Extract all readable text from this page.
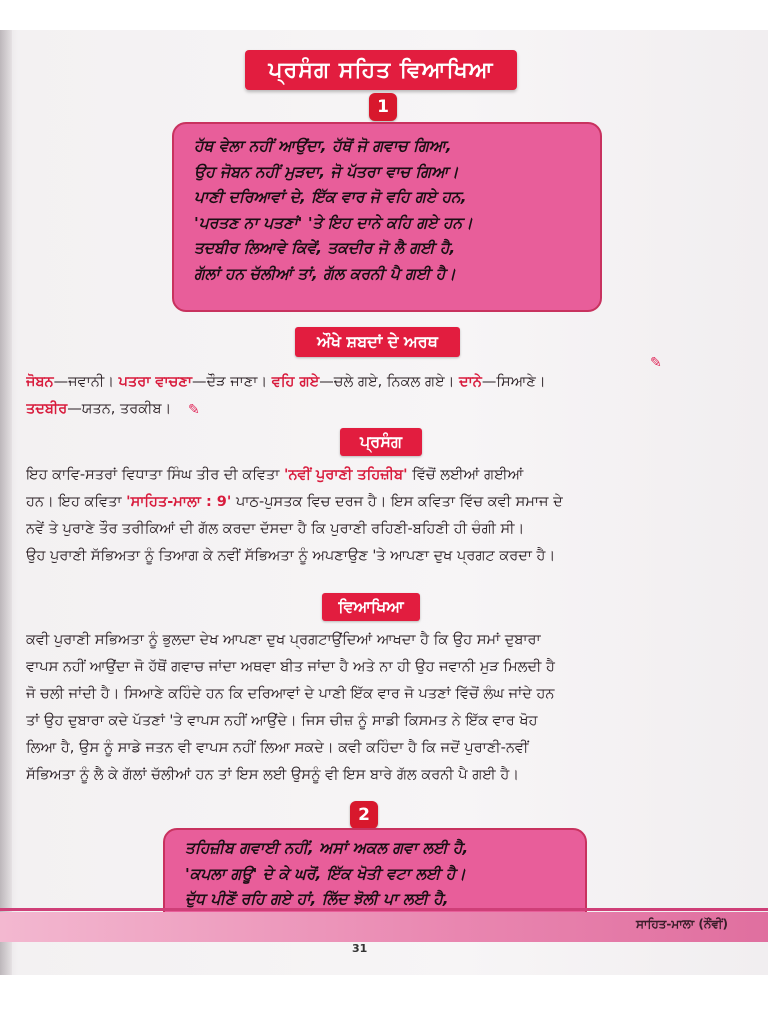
ਪ੍ਰਸੰਗ ਸਹਿਤ ਵਿਆਖਿਆ
1
ਹੱਥ ਵੇਲਾ ਨਹੀਂ ਆਉਂਦਾ, ਹੱਥੋਂ ਜੋ ਗਵਾਚ ਗਿਆ,
ਉਹ ਜੋਬਨ ਨਹੀਂ ਮੁੜਦਾ, ਜੋ ਪੱਤਰਾ ਵਾਚ ਗਿਆ।
ਪਾਣੀ ਦਰਿਆਵਾਂ ਦੇ, ਇੱਕ ਵਾਰ ਜੋ ਵਹਿ ਗਏ ਹਨ,
'ਪਰਤਣ ਨਾ ਪਤਣਾਂ' 'ਤੇ ਇਹ ਦਾਨੇ ਕਹਿ ਗਏ ਹਨ।
ਤਦਬੀਰ ਲਿਆਵੇ ਕਿਵੇਂ, ਤਕਦੀਰ ਜੋ ਲੈ ਗਈ ਹੈ,
ਗੱਲਾਂ ਹਨ ਚੱਲੀਆਂ ਤਾਂ, ਗੱਲ ਕਰਨੀ ਪੈ ਗਈ ਹੈ।
ਔਖੇ ਸ਼ਬਦਾਂ ਦੇ ਅਰਥ
ਜੋਬਨ—ਜਵਾਨੀ। ਪਤਰਾ ਵਾਚਣਾ—ਦੌੜ ਜਾਣਾ। ਵਹਿ ਗਏ—ਚਲੇ ਗਏ, ਨਿਕਲ ਗਏ। ਦਾਨੇ—ਸਿਆਣੇ।
ਤਦਬੀਰ—ਯਤਨ, ਤਰਕੀਬ।
✎
✎
ਪ੍ਰਸੰਗ
ਇਹ ਕਾਵਿ-ਸਤਰਾਂ ਵਿਧਾਤਾ ਸਿੰਘ ਤੀਰ ਦੀ ਕਵਿਤਾ 'ਨਵੀਂ ਪੁਰਾਣੀ ਤਹਿਜ਼ੀਬ' ਵਿੱਚੋਂ ਲਈਆਂ ਗਈਆਂ
ਹਨ। ਇਹ ਕਵਿਤਾ 'ਸਾਹਿਤ-ਮਾਲਾ : 9' ਪਾਠ-ਪੁਸਤਕ ਵਿਚ ਦਰਜ ਹੈ। ਇਸ ਕਵਿਤਾ ਵਿੱਚ ਕਵੀ ਸਮਾਜ ਦੇ
ਨਵੇਂ ਤੇ ਪੁਰਾਣੇ ਤੌਰ ਤਰੀਕਿਆਂ ਦੀ ਗੱਲ ਕਰਦਾ ਦੱਸਦਾ ਹੈ ਕਿ ਪੁਰਾਣੀ ਰਹਿਣੀ-ਬਹਿਣੀ ਹੀ ਚੰਗੀ ਸੀ।
ਉਹ ਪੁਰਾਣੀ ਸੱਭਿਅਤਾ ਨੂੰ ਤਿਆਗ ਕੇ ਨਵੀਂ ਸੱਭਿਅਤਾ ਨੂੰ ਅਪਣਾਉਣ 'ਤੇ ਆਪਣਾ ਦੁਖ ਪ੍ਰਗਟ ਕਰਦਾ ਹੈ।
ਵਿਆਖਿਆ
ਕਵੀ ਪੁਰਾਣੀ ਸਭਿਅਤਾ ਨੂੰ ਭੁਲਦਾ ਦੇਖ ਆਪਣਾ ਦੁਖ ਪ੍ਰਗਟਾਉਂਦਿਆਂ ਆਖਦਾ ਹੈ ਕਿ ਉਹ ਸਮਾਂ ਦੁਬਾਰਾ
ਵਾਪਸ ਨਹੀਂ ਆਉਂਦਾ ਜੋ ਹੱਥੋਂ ਗਵਾਚ ਜਾਂਦਾ ਅਥਵਾ ਬੀਤ ਜਾਂਦਾ ਹੈ ਅਤੇ ਨਾ ਹੀ ਉਹ ਜਵਾਨੀ ਮੁੜ ਮਿਲਦੀ ਹੈ
ਜੋ ਚਲੀ ਜਾਂਦੀ ਹੈ। ਸਿਆਣੇ ਕਹਿੰਦੇ ਹਨ ਕਿ ਦਰਿਆਵਾਂ ਦੇ ਪਾਣੀ ਇੱਕ ਵਾਰ ਜੋ ਪਤਣਾਂ ਵਿੱਚੋਂ ਲੰਘ ਜਾਂਦੇ ਹਨ
ਤਾਂ ਉਹ ਦੁਬਾਰਾ ਕਦੇ ਪੱਤਣਾਂ 'ਤੇ ਵਾਪਸ ਨਹੀਂ ਆਉਂਦੇ। ਜਿਸ ਚੀਜ਼ ਨੂੰ ਸਾਡੀ ਕਿਸਮਤ ਨੇ ਇੱਕ ਵਾਰ ਖੋਹ
ਲਿਆ ਹੈ, ਉਸ ਨੂੰ ਸਾਡੇ ਜਤਨ ਵੀ ਵਾਪਸ ਨਹੀਂ ਲਿਆ ਸਕਦੇ। ਕਵੀ ਕਹਿੰਦਾ ਹੈ ਕਿ ਜਦੋਂ ਪੁਰਾਣੀ-ਨਵੀਂ
ਸੱਭਿਅਤਾ ਨੂੰ ਲੈ ਕੇ ਗੱਲਾਂ ਚੱਲੀਆਂ ਹਨ ਤਾਂ ਇਸ ਲਈ ਉਸਨੂੰ ਵੀ ਇਸ ਬਾਰੇ ਗੱਲ ਕਰਨੀ ਪੈ ਗਈ ਹੈ।
2
ਤਹਿਜ਼ੀਬ ਗਵਾਈ ਨਹੀਂ, ਅਸਾਂ ਅਕਲ ਗਵਾ ਲਈ ਹੈ,
'ਕਪਲਾ ਗਊ' ਦੇ ਕੇ ਘਰੋਂ, ਇੱਕ ਖੋਤੀ ਵਟਾ ਲਈ ਹੈ।
ਦੁੱਧ ਪੀਣੋਂ ਰਹਿ ਗਏ ਹਾਂ, ਲਿੱਦ ਝੋਲੀ ਪਾ ਲਈ ਹੈ,
ਸਾਹਿਤ-ਮਾਲਾ (ਨੌਂਵੀਂ)
31
